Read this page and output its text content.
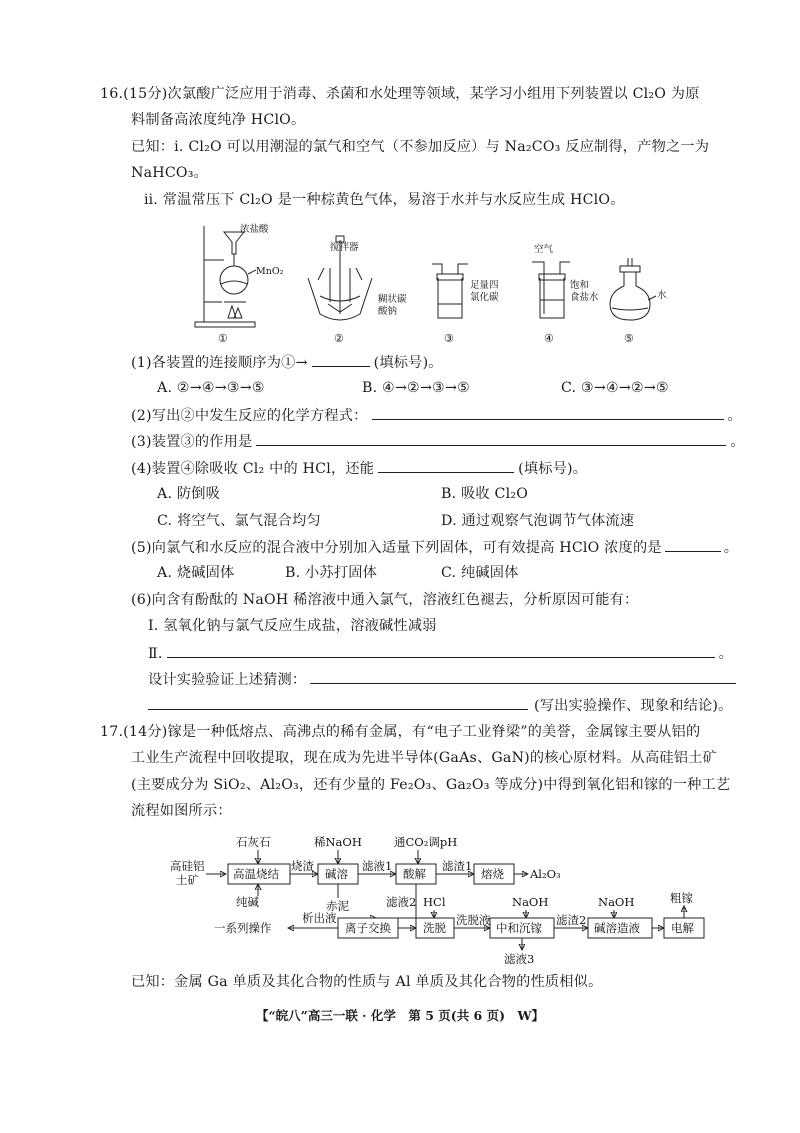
16.(15分)次氯酸广泛应用于消毒、杀菌和水处理等领域，某学习小组用下列装置以 Cl₂O 为原
料制备高浓度纯净 HClO。
已知：ⅰ. Cl₂O 可以用潮湿的氯气和空气（不参加反应）与 Na₂CO₃ 反应制得，产物之一为
NaHCO₃。
ⅱ. 常温常压下 Cl₂O 是一种棕黄色气体，易溶于水并与水反应生成 HClO。
浓盐酸
MnO₂
①
搅拌器
糊状碳
酸钠
②
足量四
氯化碳
③
空气
饱和
食盐水
④
水
⑤
(1)各装置的连接顺序为①→	(填标号)。
A. ②→④→③→⑤	B. ④→②→③→⑤	C. ③→④→②→⑤
(2)写出②中发生反应的化学方程式：	。
(3)装置③的作用是	。
(4)装置④除吸收 Cl₂ 中的 HCl，还能	(填标号)。
A. 防倒吸	B. 吸收 Cl₂O
C. 将空气、氯气混合均匀	D. 通过观察气泡调节气体流速
(5)向氯气和水反应的混合液中分别加入适量下列固体，可有效提高 HClO 浓度的是	。
A. 烧碱固体	B. 小苏打固体	C. 纯碱固体
(6)向含有酚酞的 NaOH 稀溶液中通入氯气，溶液红色褪去，分析原因可能有：
Ⅰ. 氢氧化钠与氯气反应生成盐，溶液碱性减弱
Ⅱ.	。
设计实验验证上述猜测：
(写出实验操作、现象和结论)。
17.(14分)镓是一种低熔点、高沸点的稀有金属，有“电子工业脊梁”的美誉，金属镓主要从铝的
工业生产流程中回收提取，现在成为先进半导体(GaAs、GaN)的核心原材料。从高硅铝土矿
(主要成分为 SiO₂、Al₂O₃，还有少量的 Fe₂O₃、Ga₂O₃ 等成分)中得到氧化铝和镓的一种工艺
流程如图所示：
高硅铝
土矿
石灰石	稀NaOH	通CO₂调pH
高温烧结
烧渣
碱溶
滤液1
酸解
滤渣1
熔烧 Al₂O₃
纯碱	赤泥
析出液
滤液2
离子交换
一系列操作
HCl
洗脱
洗脱液
NaOH
中和沉镓
滤渣2
滤液3
NaOH
碱溶造液	电解
粗镓
已知：金属 Ga 单质及其化合物的性质与 Al 单质及其化合物的性质相似。
【“皖八”高三一联 · 化学　第 5 页(共 6 页)　W】
